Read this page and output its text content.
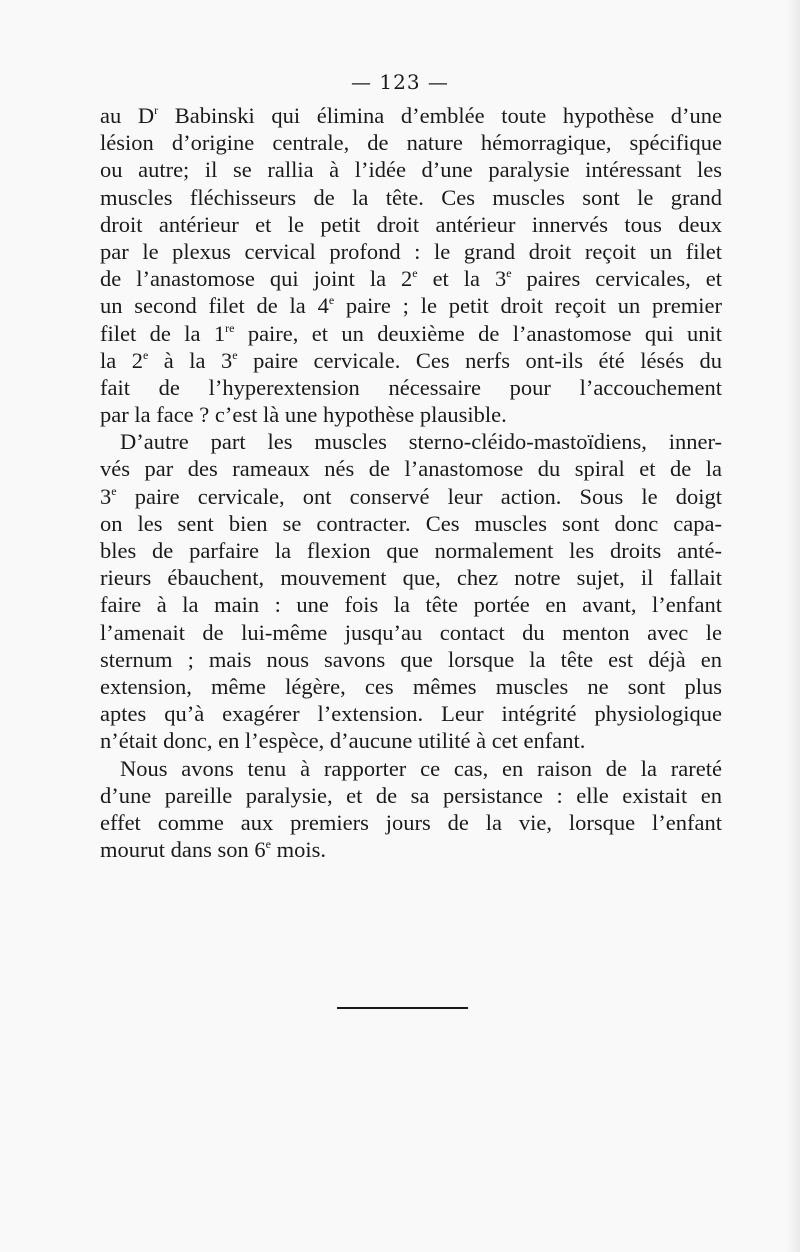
— 123 —
au $D^r$ Babinski qui élimina d’emblée toute hypothèse d’une
lésion d’origine centrale, de nature hémorragique, spécifique
ou autre; il se rallia à l’idée d’une paralysie intéressant les
muscles fléchisseurs de la tête. Ces muscles sont le grand
droit antérieur et le petit droit antérieur innervés tous deux
par le plexus cervical profond : le grand droit reçoit un filet
de l’anastomose qui joint la 2e et la 3e paires cervicales, et
un second filet de la 4e paire ; le petit droit reçoit un premier
filet de la 1re paire, et un deuxième de l’anastomose qui unit
la 2e à la 3e paire cervicale. Ces nerfs ont-ils été lésés du
fait de l’hyperextension nécessaire pour l’accouchement
par la face ? c’est là une hypothèse plausible.
D’autre part les muscles sterno-cléido-mastoïdiens, inner-
vés par des rameaux nés de l’anastomose du spiral et de la
3e paire cervicale, ont conservé leur action. Sous le doigt
on les sent bien se contracter. Ces muscles sont donc capa-
bles de parfaire la flexion que normalement les droits anté-
rieurs ébauchent, mouvement que, chez notre sujet, il fallait
faire à la main : une fois la tête portée en avant, l’enfant
l’amenait de lui-même jusqu’au contact du menton avec le
sternum ; mais nous savons que lorsque la tête est déjà en
extension, même légère, ces mêmes muscles ne sont plus
aptes qu’à exagérer l’extension. Leur intégrité physiologique
n’était donc, en l’espèce, d’aucune utilité à cet enfant.
Nous avons tenu à rapporter ce cas, en raison de la rareté
d’une pareille paralysie, et de sa persistance : elle existait en
effet comme aux premiers jours de la vie, lorsque l’enfant
mourut dans son 6e mois.
